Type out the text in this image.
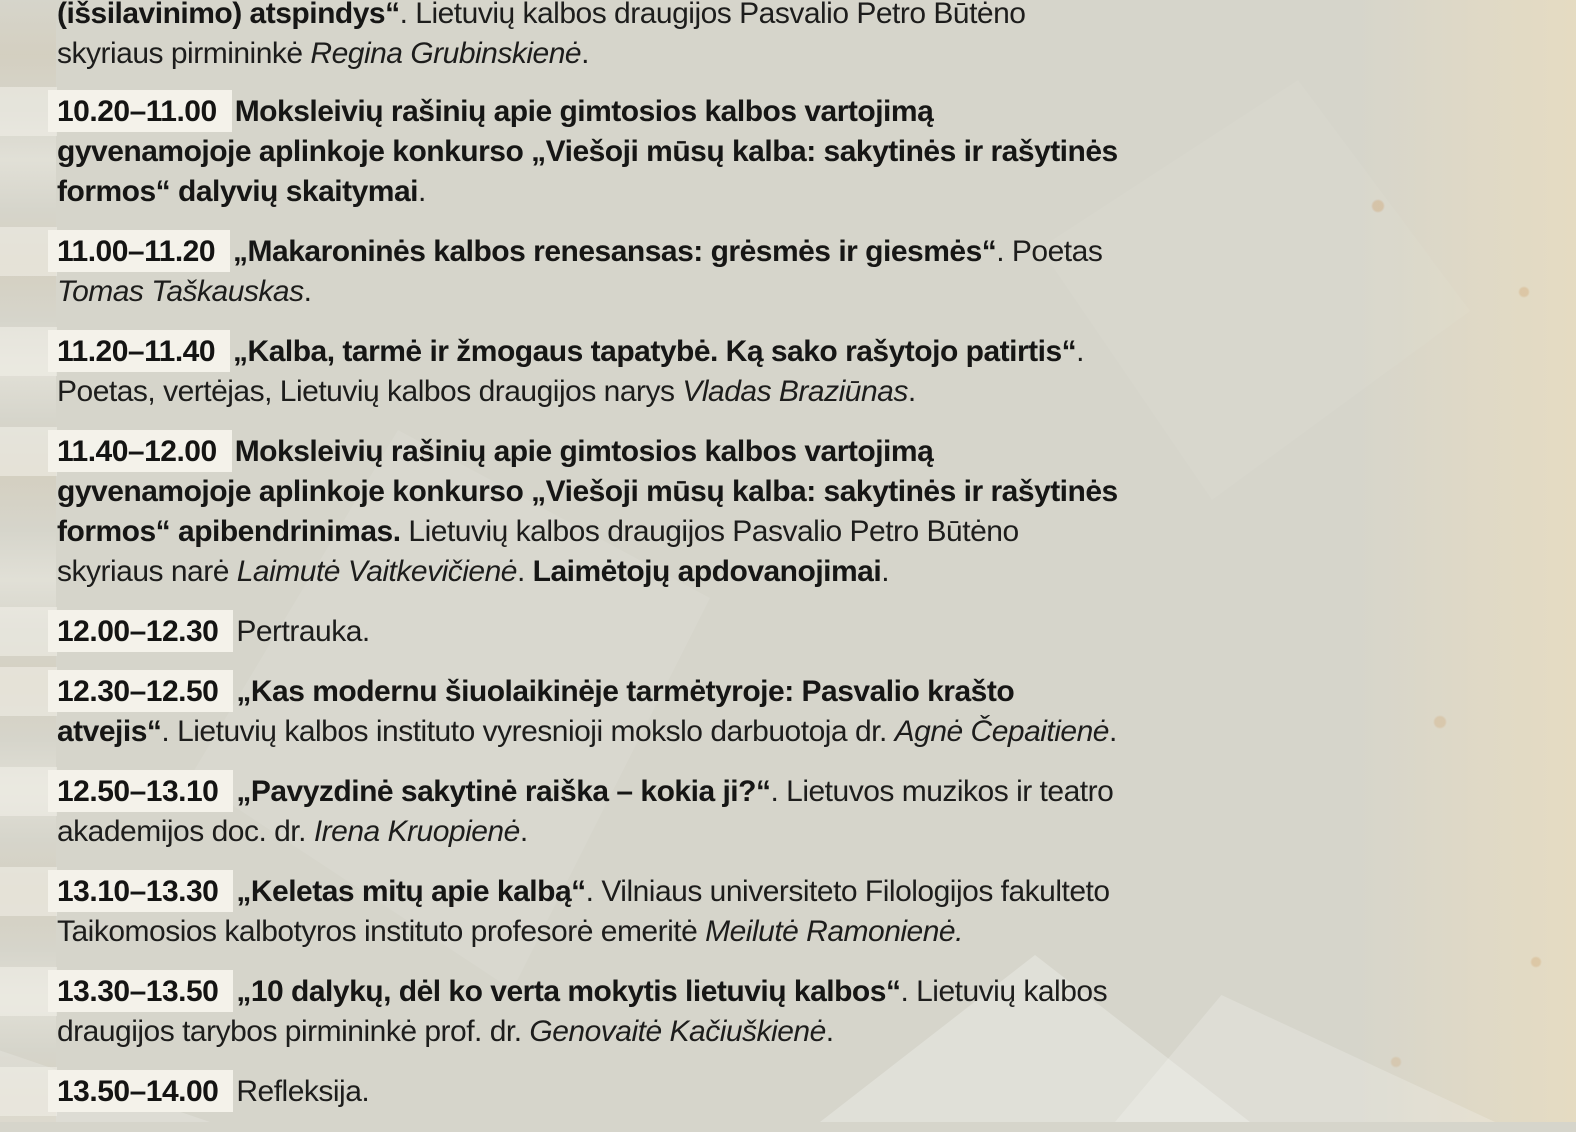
(išsilavinimo) atspindys“. Lietuvių kalbos draugijos Pasvalio Petro Būtėno
skyriaus pirmininkė Regina Grubinskienė.
10.20–11.00 Moksleivių rašinių apie gimtosios kalbos vartojimą
gyvenamojoje aplinkoje konkurso „Viešoji mūsų kalba: sakytinės ir rašytinės
formos“ dalyvių skaitymai.
11.00–11.20 „Makaroninės kalbos renesansas: grėsmės ir giesmės“. Poetas
Tomas Taškauskas.
11.20–11.40 „Kalba, tarmė ir žmogaus tapatybė. Ką sako rašytojo patirtis“.
Poetas, vertėjas, Lietuvių kalbos draugijos narys Vladas Braziūnas.
11.40–12.00 Moksleivių rašinių apie gimtosios kalbos vartojimą
gyvenamojoje aplinkoje konkurso „Viešoji mūsų kalba: sakytinės ir rašytinės
formos“ apibendrinimas. Lietuvių kalbos draugijos Pasvalio Petro Būtėno
skyriaus narė Laimutė Vaitkevičienė. Laimėtojų apdovanojimai.
12.00–12.30 Pertrauka.
12.30–12.50 „Kas modernu šiuolaikinėje tarmėtyroje: Pasvalio krašto
atvejis“. Lietuvių kalbos instituto vyresnioji mokslo darbuotoja dr. Agnė Čepaitienė.
12.50–13.10 „Pavyzdinė sakytinė raiška – kokia ji?“. Lietuvos muzikos ir teatro
akademijos doc. dr. Irena Kruopienė.
13.10–13.30 „Keletas mitų apie kalbą“. Vilniaus universiteto Filologijos fakulteto
Taikomosios kalbotyros instituto profesorė emeritė Meilutė Ramonienė.
13.30–13.50 „10 dalykų, dėl ko verta mokytis lietuvių kalbos“. Lietuvių kalbos
draugijos tarybos pirmininkė prof. dr. Genovaitė Kačiuškienė.
13.50–14.00 Refleksija.
